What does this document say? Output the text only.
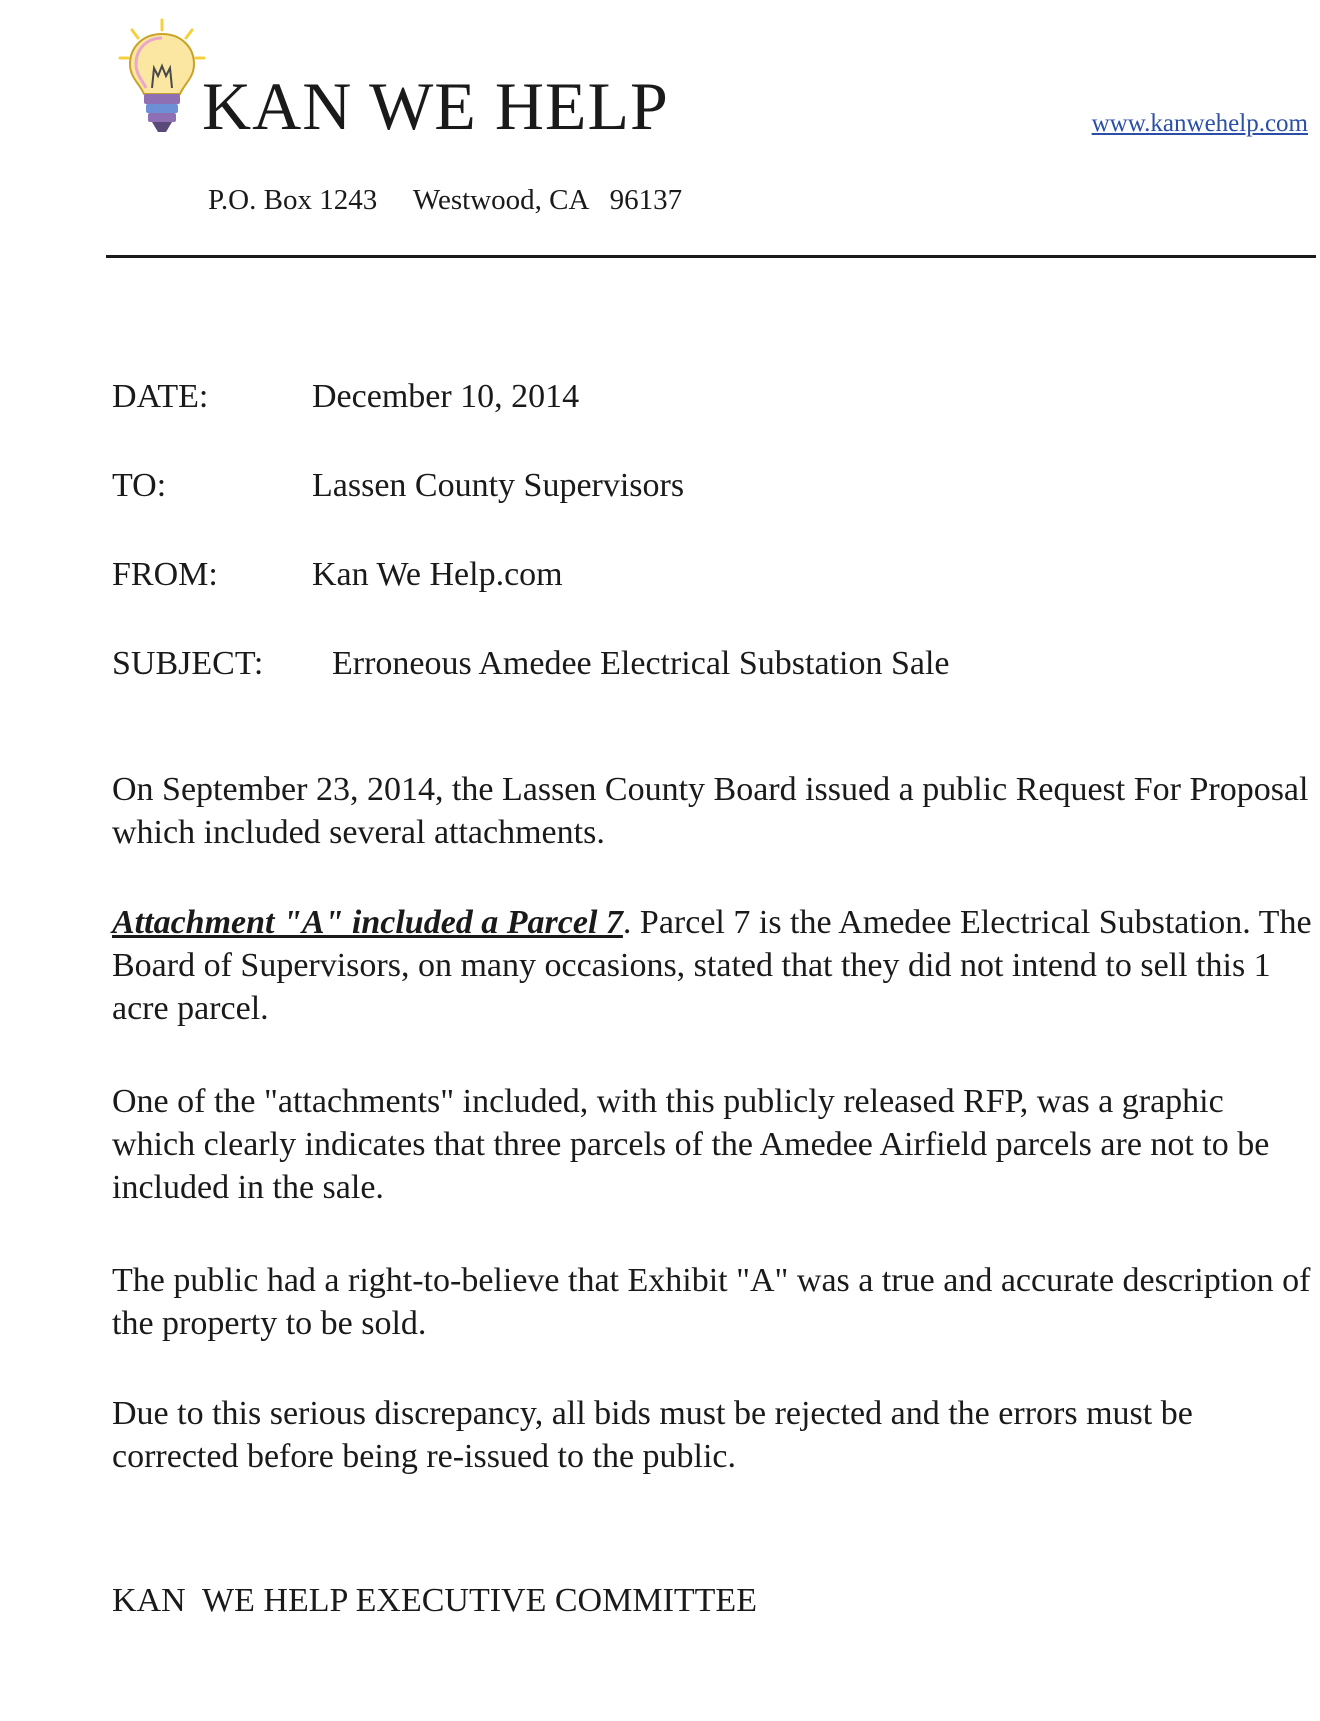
KAN WE HELP	www.kanwehelp.com
P.O. Box 1243     Westwood, CA   96137
DATE:	December 10, 2014
TO:	Lassen County Supervisors
FROM:	Kan We Help.com
SUBJECT: Erroneous Amedee Electrical Substation Sale

On September 23, 2014, the Lassen County Board issued a public Request For Proposal which included several attachments.

Attachment "A" included a Parcel 7. Parcel 7 is the Amedee Electrical Substation. The Board of Supervisors, on many occasions, stated that they did not intend to sell this 1 acre parcel.

One of the "attachments" included, with this publicly released RFP, was a graphic which clearly indicates that three parcels of the Amedee Airfield parcels are not to be included in the sale.

The public had a right-to-believe that Exhibit "A" was a true and accurate description of the property to be sold.

Due to this serious discrepancy, all bids must be rejected and the errors must be corrected before being re-issued to the public.

KAN  WE HELP EXECUTIVE COMMITTEE
